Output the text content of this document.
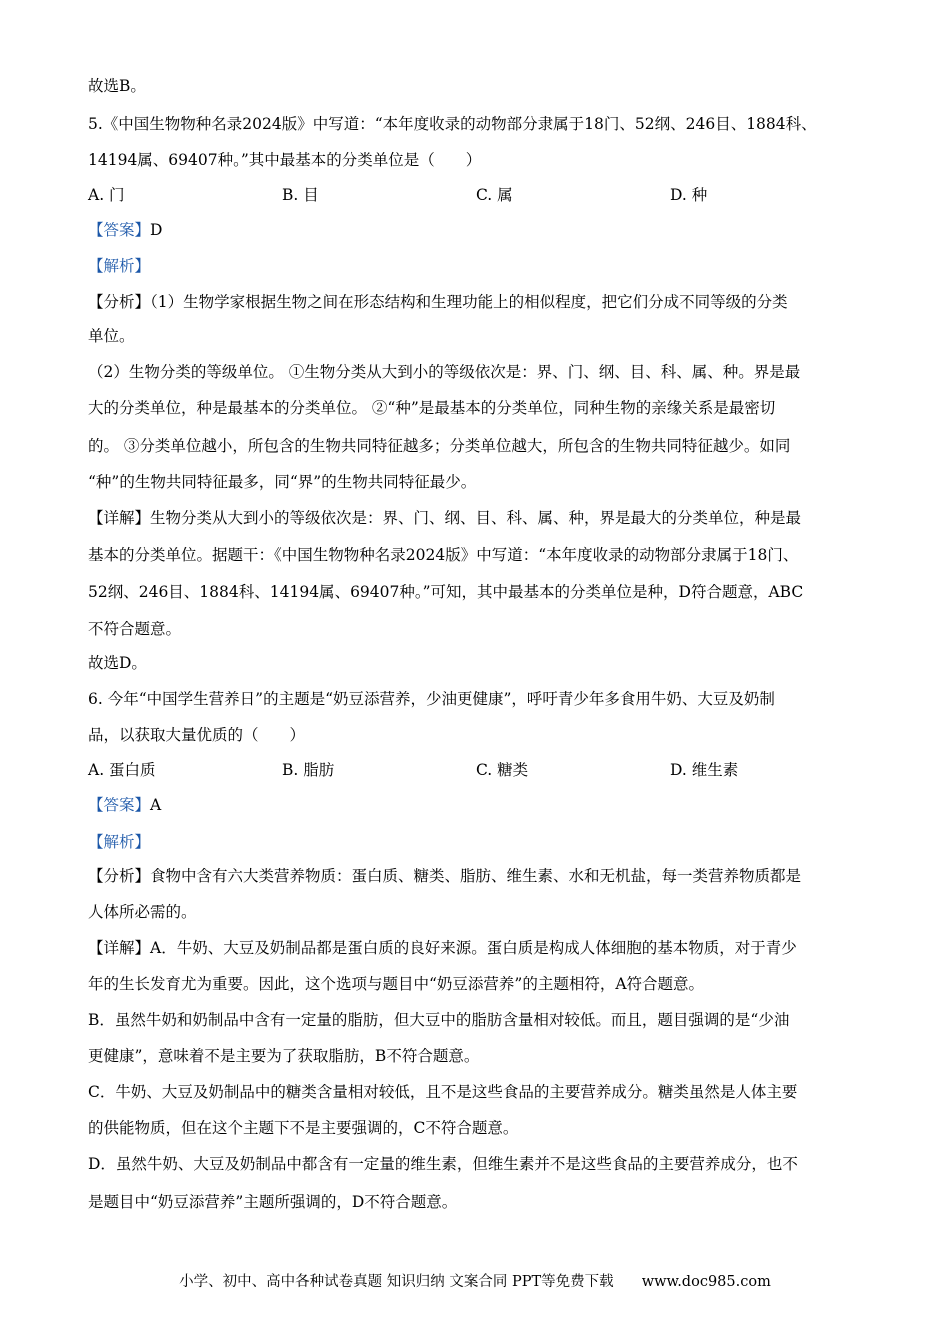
故选B。
5.《中国生物物种名录2024版》中写道：“本年度收录的动物部分隶属于18门、52纲、246目、1884科、
14194属、69407种。”其中最基本的分类单位是（　　）
A. 门	B. 目	C. 属	D. 种
【答案】D
【解析】
【分析】（1）生物学家根据生物之间在形态结构和生理功能上的相似程度，把它们分成不同等级的分类
单位。
（2）生物分类的等级单位。 ①生物分类从大到小的等级依次是：界、门、纲、目、科、属、种。界是最
大的分类单位，种是最基本的分类单位。 ②“种”是最基本的分类单位，同种生物的亲缘关系是最密切
的。 ③分类单位越小，所包含的生物共同特征越多；分类单位越大，所包含的生物共同特征越少。如同
“种”的生物共同特征最多，同“界”的生物共同特征最少。
【详解】生物分类从大到小的等级依次是：界、门、纲、目、科、属、种，界是最大的分类单位，种是最
基本的分类单位。据题干：《中国生物物种名录2024版》中写道：“本年度收录的动物部分隶属于18门、
52纲、246目、1884科、14194属、69407种。”可知，其中最基本的分类单位是种，D符合题意，ABC
不符合题意。
故选D。
6. 今年“中国学生营养日”的主题是“奶豆添营养，少油更健康”，呼吁青少年多食用牛奶、大豆及奶制
品，以获取大量优质的（　　）
A. 蛋白质	B. 脂肪	C. 糖类	D. 维生素
【答案】A
【解析】
【分析】食物中含有六大类营养物质：蛋白质、糖类、脂肪、维生素、水和无机盐，每一类营养物质都是
人体所必需的。
【详解】A．牛奶、大豆及奶制品都是蛋白质的良好来源。蛋白质是构成人体细胞的基本物质，对于青少
年的生长发育尤为重要。因此，这个选项与题目中“奶豆添营养”的主题相符，A符合题意。
B．虽然牛奶和奶制品中含有一定量的脂肪，但大豆中的脂肪含量相对较低。而且，题目强调的是“少油
更健康”，意味着不是主要为了获取脂肪，B不符合题意。
C．牛奶、大豆及奶制品中的糖类含量相对较低，且不是这些食品的主要营养成分。糖类虽然是人体主要
的供能物质，但在这个主题下不是主要强调的，C不符合题意。
D．虽然牛奶、大豆及奶制品中都含有一定量的维生素，但维生素并不是这些食品的主要营养成分，也不
是题目中“奶豆添营养”主题所强调的，D不符合题意。
小学、初中、高中各种试卷真题 知识归纳 文案合同 PPT等免费下载 www.doc985.com
